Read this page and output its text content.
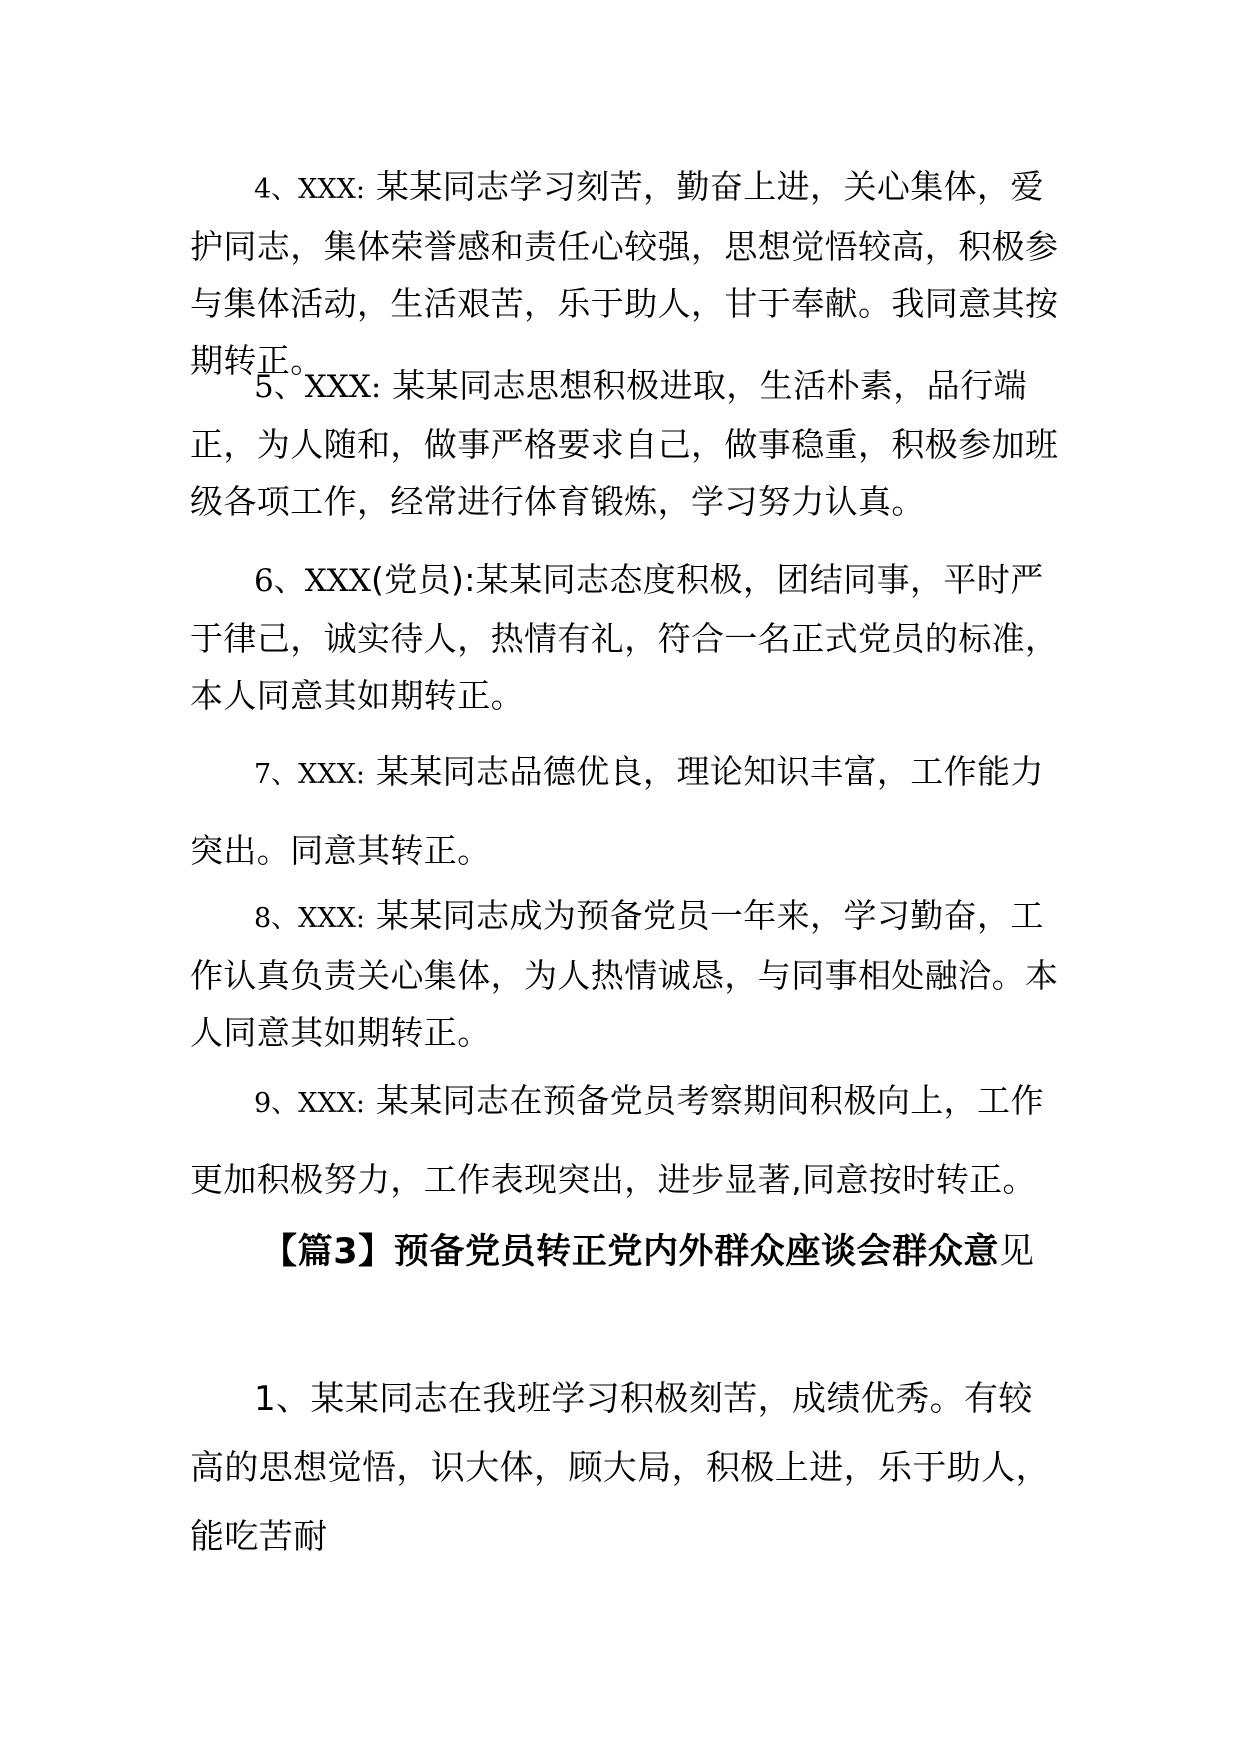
4、XXX: 某某同志学习刻苦，勤奋上进，关心集体，爱护同志，集体荣誉感和责任心较强，思想觉悟较高，积极参与集体活动，生活艰苦，乐于助人，甘于奉献。我同意其按期转正。

5、XXX: 某某同志思想积极进取，生活朴素，品行端正，为人随和，做事严格要求自己，做事稳重，积极参加班级各项工作，经常进行体育锻炼，学习努力认真。

6、XXX(党员):某某同志态度积极，团结同事，平时严于律己，诚实待人，热情有礼，符合一名正式党员的标准，本人同意其如期转正。

7、XXX: 某某同志品德优良，理论知识丰富，工作能力突出。同意其转正。

8、XXX: 某某同志成为预备党员一年来，学习勤奋，工作认真负责关心集体，为人热情诚恳，与同事相处融洽。本人同意其如期转正。

9、XXX: 某某同志在预备党员考察期间积极向上，工作更加积极努力，工作表现突出，进步显著,同意按时转正。

【篇3】预备党员转正党内外群众座谈会群众意见

1、某某同志在我班学习积极刻苦，成绩优秀。有较高的思想觉悟，识大体，顾大局，积极上进，乐于助人，能吃苦耐
